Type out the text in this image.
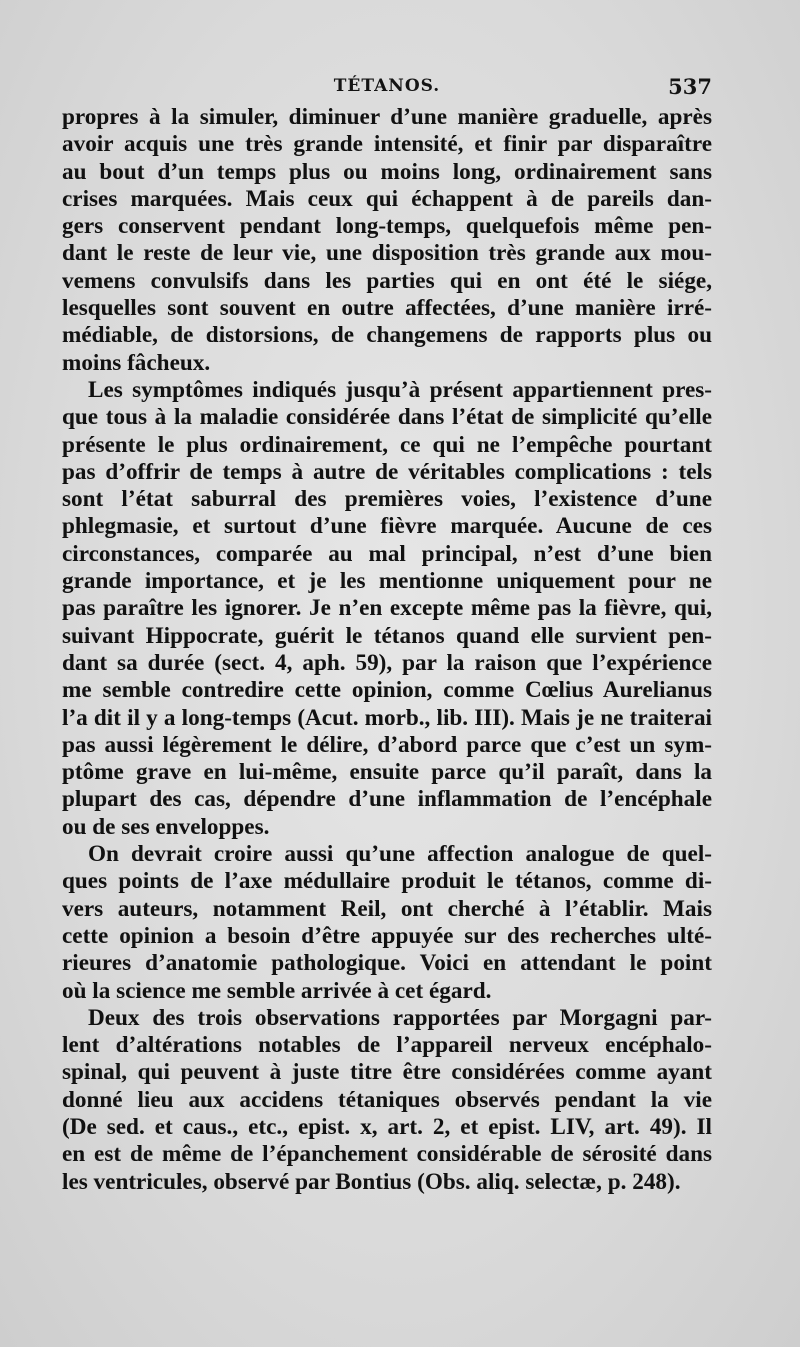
TÉTANOS.	537
propres à la simuler, diminuer d’une manière graduelle, après
avoir acquis une très grande intensité, et finir par disparaître
au bout d’un temps plus ou moins long, ordinairement sans
crises marquées. Mais ceux qui échappent à de pareils dan-
gers conservent pendant long-temps, quelquefois même pen-
dant le reste de leur vie, une disposition très grande aux mou-
vemens convulsifs dans les parties qui en ont été le siége,
lesquelles sont souvent en outre affectées, d’une manière irré-
médiable, de distorsions, de changemens de rapports plus ou
moins fâcheux.
Les symptômes indiqués jusqu’à présent appartiennent pres-
que tous à la maladie considérée dans l’état de simplicité qu’elle
présente le plus ordinairement, ce qui ne l’empêche pourtant
pas d’offrir de temps à autre de véritables complications : tels
sont l’état saburral des premières voies, l’existence d’une
phlegmasie, et surtout d’une fièvre marquée. Aucune de ces
circonstances, comparée au mal principal, n’est d’une bien
grande importance, et je les mentionne uniquement pour ne
pas paraître les ignorer. Je n’en excepte même pas la fièvre, qui,
suivant Hippocrate, guérit le tétanos quand elle survient pen-
dant sa durée (sect. 4, aph. 59), par la raison que l’expérience
me semble contredire cette opinion, comme Cœlius Aurelianus
l’a dit il y a long-temps (Acut. morb., lib. III). Mais je ne traiterai
pas aussi légèrement le délire, d’abord parce que c’est un sym-
ptôme grave en lui-même, ensuite parce qu’il paraît, dans la
plupart des cas, dépendre d’une inflammation de l’encéphale
ou de ses enveloppes.
On devrait croire aussi qu’une affection analogue de quel-
ques points de l’axe médullaire produit le tétanos, comme di-
vers auteurs, notamment Reil, ont cherché à l’établir. Mais
cette opinion a besoin d’être appuyée sur des recherches ulté-
rieures d’anatomie pathologique. Voici en attendant le point
où la science me semble arrivée à cet égard.
Deux des trois observations rapportées par Morgagni par-
lent d’altérations notables de l’appareil nerveux encéphalo-
spinal, qui peuvent à juste titre être considérées comme ayant
donné lieu aux accidens tétaniques observés pendant la vie
(De sed. et caus., etc., epist. x, art. 2, et epist. LIV, art. 49). Il
en est de même de l’épanchement considérable de sérosité dans
les ventricules, observé par Bontius (Obs. aliq. selectæ, p. 248).
